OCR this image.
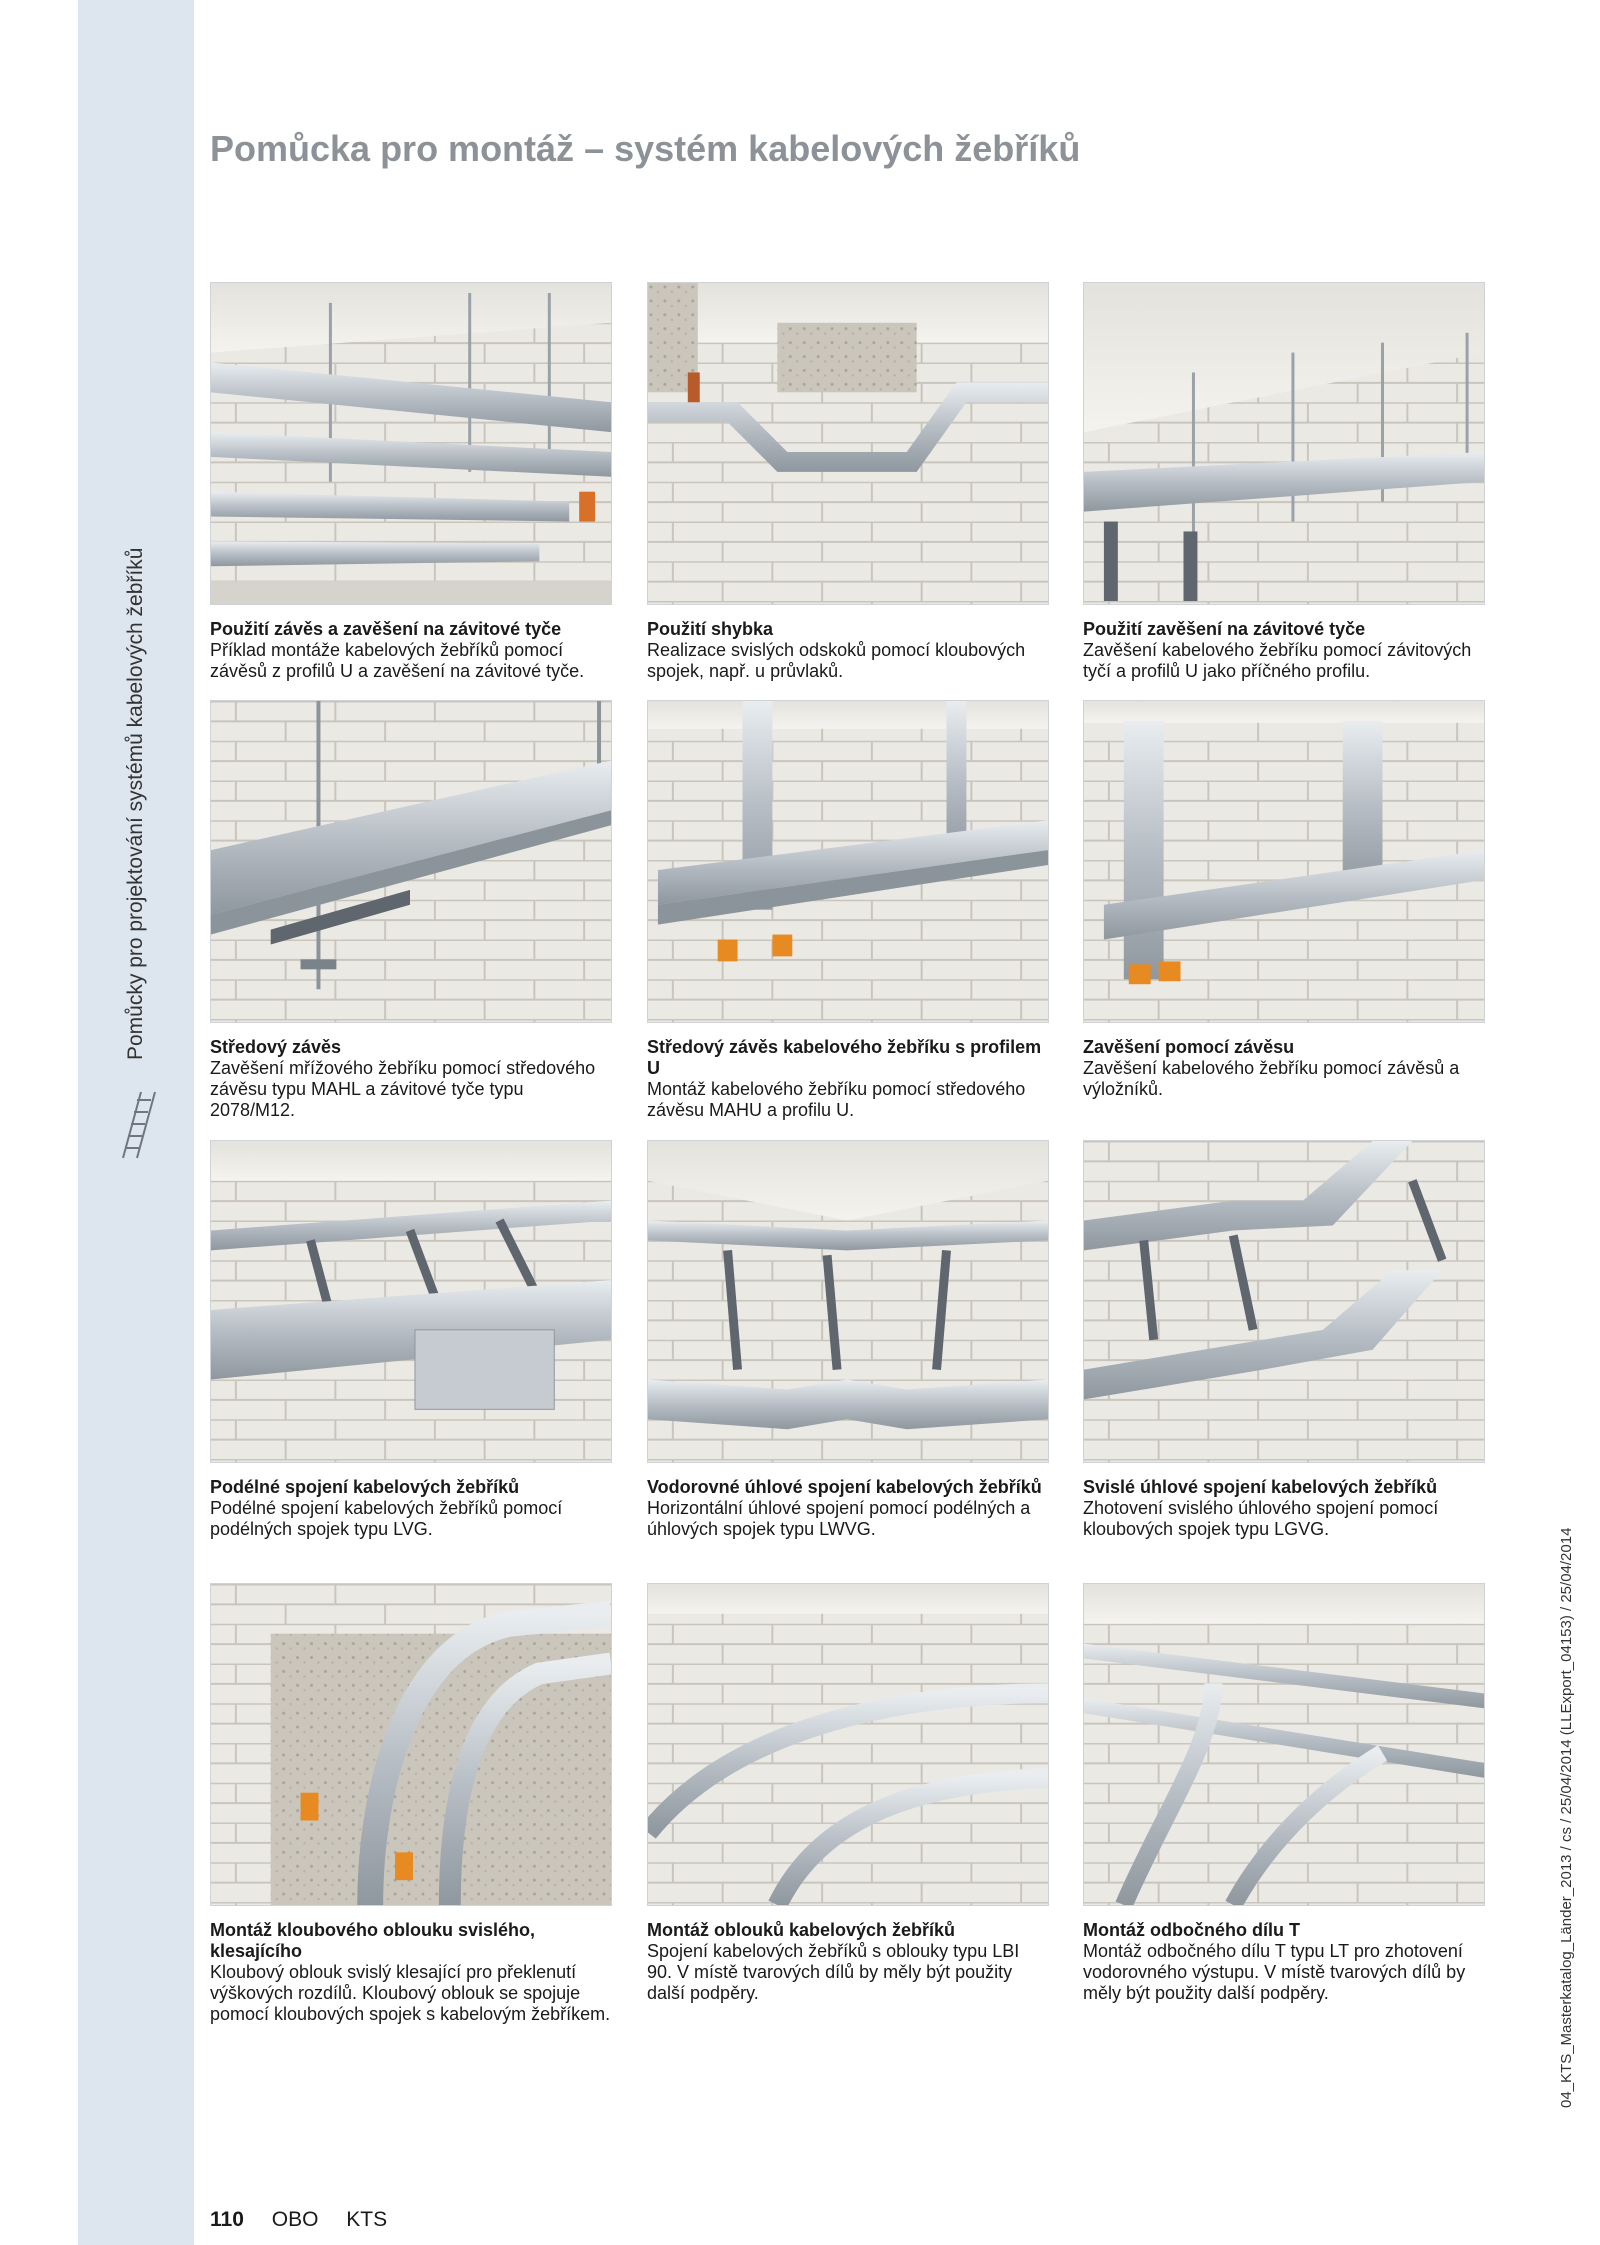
Pomůcky pro projektování systémů kabelových žebříků
04_KTS_Masterkatalog_Länder_2013 / cs / 25/04/2014 (LLExport_04153) / 25/04/2014
Pomůcka pro montáž – systém kabelových žebříků
Použití závěs a zavěšení na závitové tyče
Příklad montáže kabelových žebříků pomocí závěsů z profilů U a zavěšení na závitové tyče.
Použití shybka
Realizace svislých odskoků pomocí kloubových spojek, např. u průvlaků.
Použití zavěšení na závitové tyče
Zavěšení kabelového žebříku pomocí závitových tyčí a profilů U jako příčného profilu.
Středový závěs
Zavěšení mřížového žebříku pomocí středového závěsu typu MAHL a závitové tyče typu 2078/M12.
Středový závěs kabelového žebříku s profilem U
Montáž kabelového žebříku pomocí středového závěsu MAHU a profilu U.
Zavěšení pomocí závěsu
Zavěšení kabelového žebříku pomocí závěsů a výložníků.
Podélné spojení kabelových žebříků
Podélné spojení kabelových žebříků pomocí podélných spojek typu LVG.
Vodorovné úhlové spojení kabelových žebříků
Horizontální úhlové spojení pomocí podélných a úhlových spojek typu LWVG.
Svislé úhlové spojení kabelových žebříků
Zhotovení svislého úhlového spojení pomocí kloubových spojek typu LGVG.
Montáž kloubového oblouku svislého, klesajícího
Kloubový oblouk svislý klesající pro překlenutí výškových rozdílů. Kloubový oblouk se spojuje pomocí kloubových spojek s kabelovým žebříkem.
Montáž oblouků kabelových žebříků
Spojení kabelových žebříků s oblouky typu LBI 90. V místě tvarových dílů by měly být použity další podpěry.
Montáž odbočného dílu T
Montáž odbočného dílu T typu LT pro zhotovení vodorovného výstupu. V místě tvarových dílů by měly být použity další podpěry.
110 OBO KTS
